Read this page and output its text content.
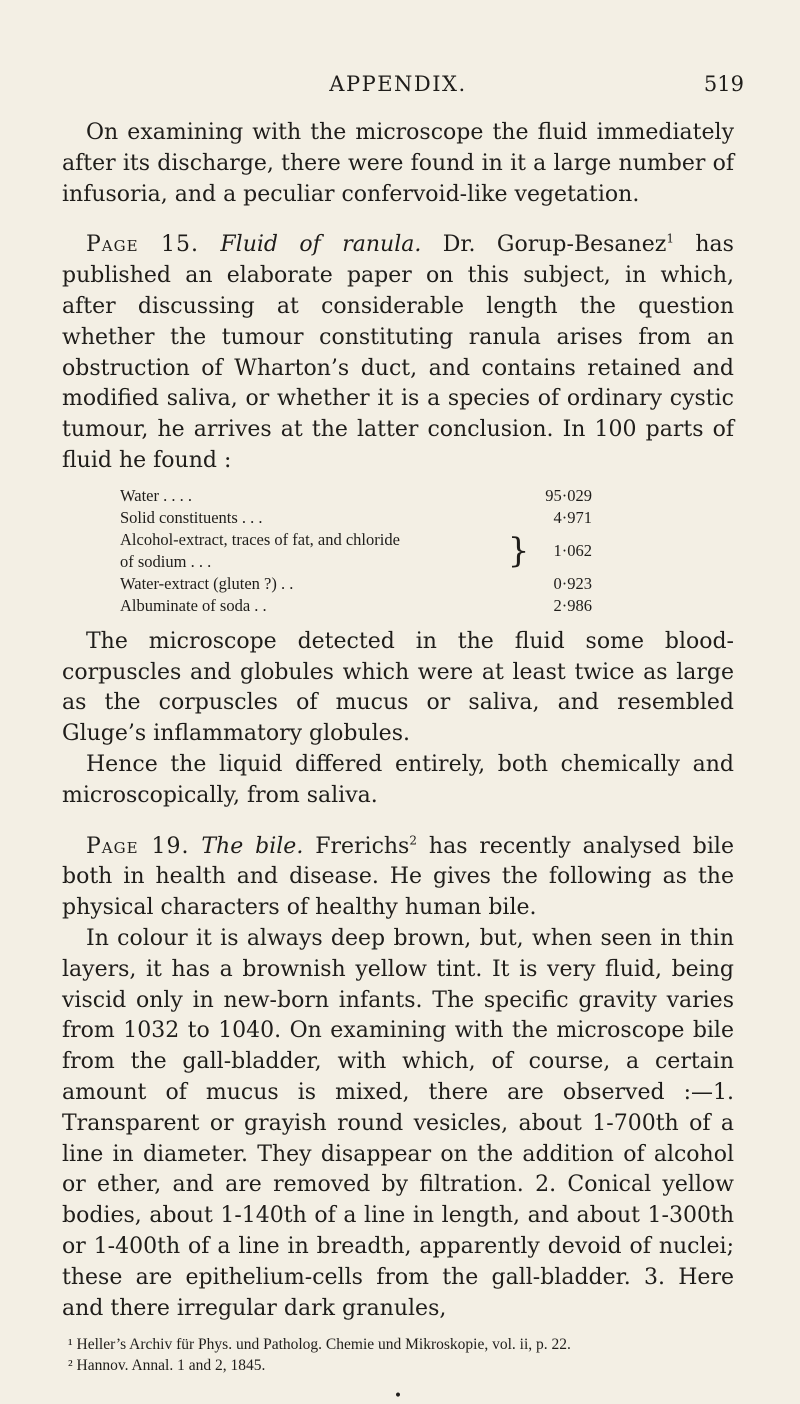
APPENDIX.	519

On examining with the microscope the fluid immediately after its discharge, there were found in it a large number of infusoria, and a peculiar confervoid-like vegetation.

Page 15. Fluid of ranula. Dr. Gorup-Besanez$^1$ has published an elaborate paper on this subject, in which, after discussing at considerable length the question whether the tumour constituting ranula arises from an obstruction of Wharton’s duct, and contains retained and modified saliva, or whether it is a species of ordinary cystic tumour, he arrives at the latter conclusion. In 100 parts of fluid he found :

Water . . . .	95·029
Solid constituents . . .	4·971
Alcohol-extract, traces of fat, and chloride
of sodium . . .	}	1·062
Water-extract (gluten ?) . .	0·923
Albuminate of soda . .	2·986

The microscope detected in the fluid some blood-corpuscles and globules which were at least twice as large as the corpuscles of mucus or saliva, and resembled Gluge’s inflammatory globules.

Hence the liquid differed entirely, both chemically and microscopically, from saliva.

Page 19. The bile. Frerichs$^2$ has recently analysed bile both in health and disease. He gives the following as the physical characters of healthy human bile.

In colour it is always deep brown, but, when seen in thin layers, it has a brownish yellow tint. It is very fluid, being viscid only in new-born infants. The specific gravity varies from 1032 to 1040. On examining with the microscope bile from the gall-bladder, with which, of course, a certain amount of mucus is mixed, there are observed :—1. Transparent or grayish round vesicles, about 1-700th of a line in diameter. They disappear on the addition of alcohol or ether, and are removed by filtration. 2. Conical yellow bodies, about 1-140th of a line in length, and about 1-300th or 1-400th of a line in breadth, apparently devoid of nuclei; these are epithelium-cells from the gall-bladder. 3. Here and there irregular dark granules,

¹ Heller’s Archiv für Phys. und Patholog. Chemie und Mikroskopie, vol. ii, p. 22.
² Hannov. Annal. 1 and 2, 1845.
•
